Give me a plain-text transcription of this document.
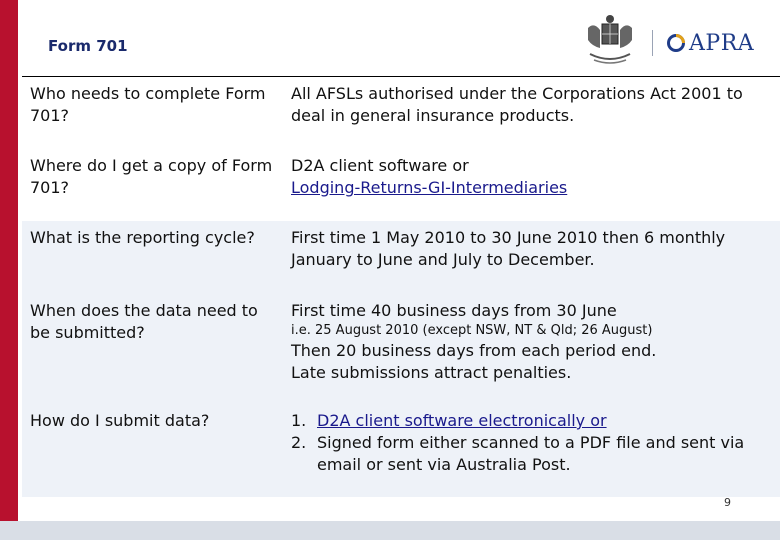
Form 701	APRA
Who needs to complete Form 701?	All AFSLs authorised under the Corporations Act 2001 to deal in general insurance products.
Where do I get a copy of Form 701?	D2A client software or
Lodging-Returns-GI-Intermediaries

What is the reporting cycle?	First time 1 May 2010 to 30 June 2010 then 6 monthly January to June and July to December.
When does the data need to be submitted?	First time 40 business days from 30 June
i.e. 25 August 2010 (except NSW, NT & Qld; 26 August)
Then 20 business days from each period end.
Late submissions attract penalties.

How do I submit data?	1. D2A client software electronically or
2. Signed form either scanned to a PDF file and sent via email or sent via Australia Post.
9
